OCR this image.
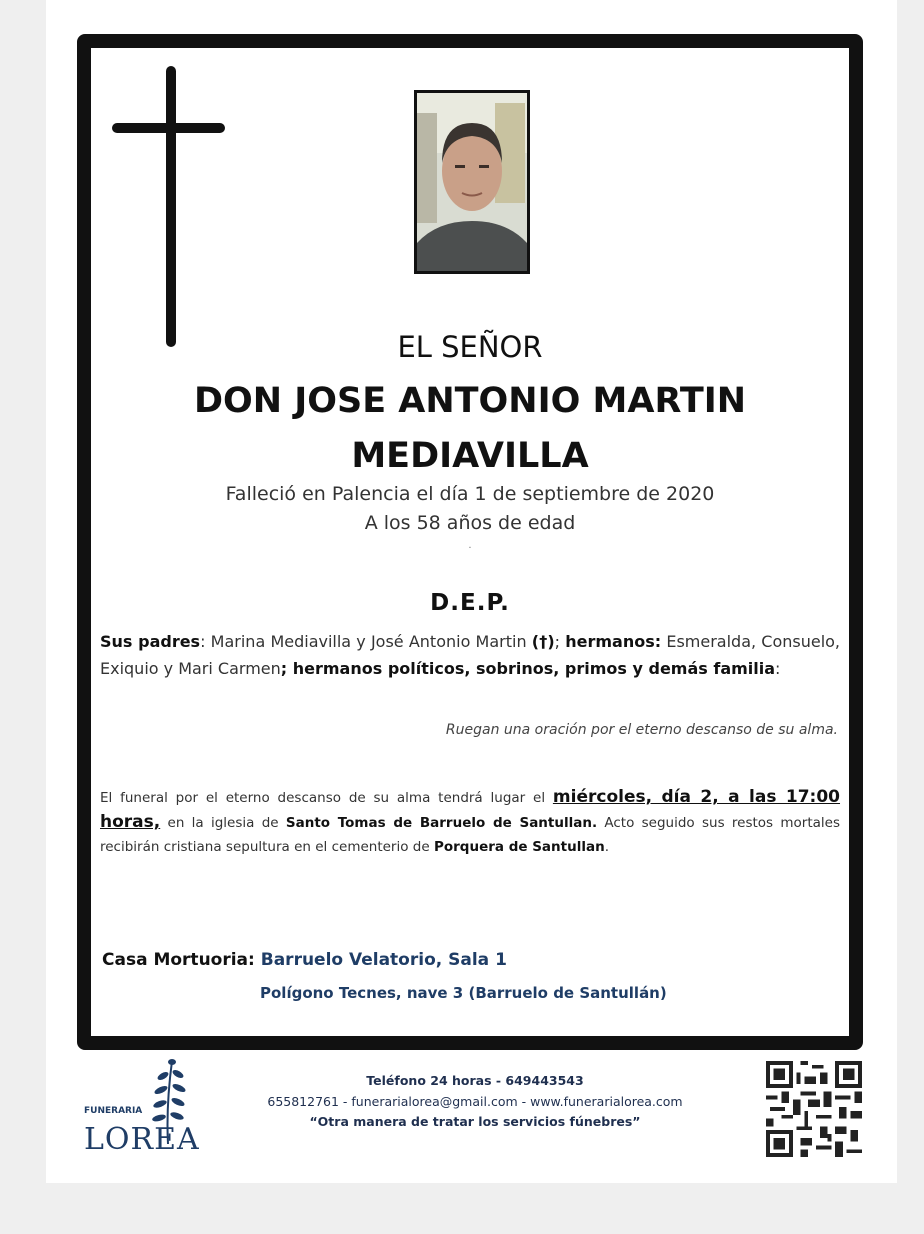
EL SEÑOR
DON JOSE ANTONIO MARTIN
MEDIAVILLA
Falleció en Palencia el día 1 de septiembre de 2020
A los 58 años de edad
.
D.E.P.
Sus padres: Marina Mediavilla y José Antonio Martin (†); hermanos: Esmeralda, Consuelo, Exiquio y Mari Carmen; hermanos políticos, sobrinos, primos y demás familia:
Ruegan una oración por el eterno descanso de su alma.
El funeral por el eterno descanso de su alma tendrá lugar el miércoles, día 2, a las 17:00 horas, en la iglesia de Santo Tomas de Barruelo de Santullan. Acto seguido sus restos mortales recibirán cristiana sepultura en el cementerio de Porquera de Santullan.
Casa Mortuoria: Barruelo Velatorio, Sala 1
Polígono Tecnes, nave 3 (Barruelo de Santullán)
FUNERARIA
LOREA
Teléfono 24 horas - 649443543
655812761 - funerarialorea@gmail.com - www.funerarialorea.com
“Otra manera de tratar los servicios fúnebres”
